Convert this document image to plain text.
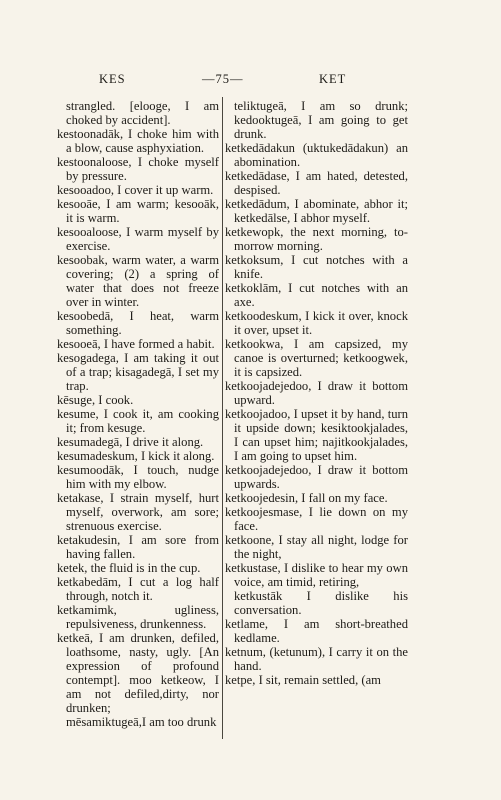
KES	—75—	KET

strangled. [elooge, I am choked by accident].

kestoonadāk, I choke him with a blow, cause asphyxiation.

kestoonaloose, I choke myself by pressure.

kesooadoo, I cover it up warm.

kesooāe, I am warm; kesooāk, it is warm.

kesooaloose, I warm myself by exercise.

kesoobak, warm water, a warm covering; (2) a spring of water that does not freeze over in winter.

kesoobedā, I heat, warm something.

kesooeā, I have formed a habit.

kesogadega, I am taking it out of a trap; kisagadegā, I set my trap.

kēsuge, I cook.

kesume, I cook it, am cooking it; from kesuge.

kesumadegā, I drive it along.

kesumadeskum, I kick it along.

kesumoodāk, I touch, nudge him with my elbow.

ketakase, I strain myself, hurt myself, overwork, am sore; strenuous exercise.

ketakudesin, I am sore from having fallen.

ketek, the fluid is in the cup.

ketkabedām, I cut a log half through, notch it.

ketkamimk, ugliness, repulsiveness, drunkenness.

ketkeā, I am drunken, defiled, loathsome, nasty, ugly. [An expression of profound contempt]. moo ketkeow, I am not defiled,dirty, nor drunken;

mēsamiktugeā,I am too drunk

teliktugeā, I am so drunk; kedooktugeā, I am going to get drunk.

ketkedādakun (uktukedādakun) an abomination.

ketkedādase, I am hated, detested, despised.

ketkedādum, I abominate, abhor it; ketkedālse, I abhor myself.

ketkewopk, the next morning, to-morrow morning.

ketkoksum, I cut notches with a knife.

ketkoklām, I cut notches with an axe.

ketkoodeskum, I kick it over, knock it over, upset it.

ketkookwa, I am capsized, my canoe is overturned; ketkoogwek, it is capsized.

ketkoojadejedoo, I draw it bottom upward.

ketkoojadoo, I upset it by hand, turn it upside down; kesiktookjalades, I can upset him; najitkookjalades, I am going to upset him.

ketkoojadejedoo, I draw it bottom upwards.

ketkoojedesin, I fall on my face.

ketkoojesmase, I lie down on my face.

ketkoone, I stay all night, lodge for the night,

ketkustase, I dislike to hear my own voice, am timid, retiring,

ketkustāk I dislike his conversation.

ketlame, I am short-breathed kedlame.

ketnum, (ketunum), I carry it on the hand.

ketpe, I sit, remain settled, (am
